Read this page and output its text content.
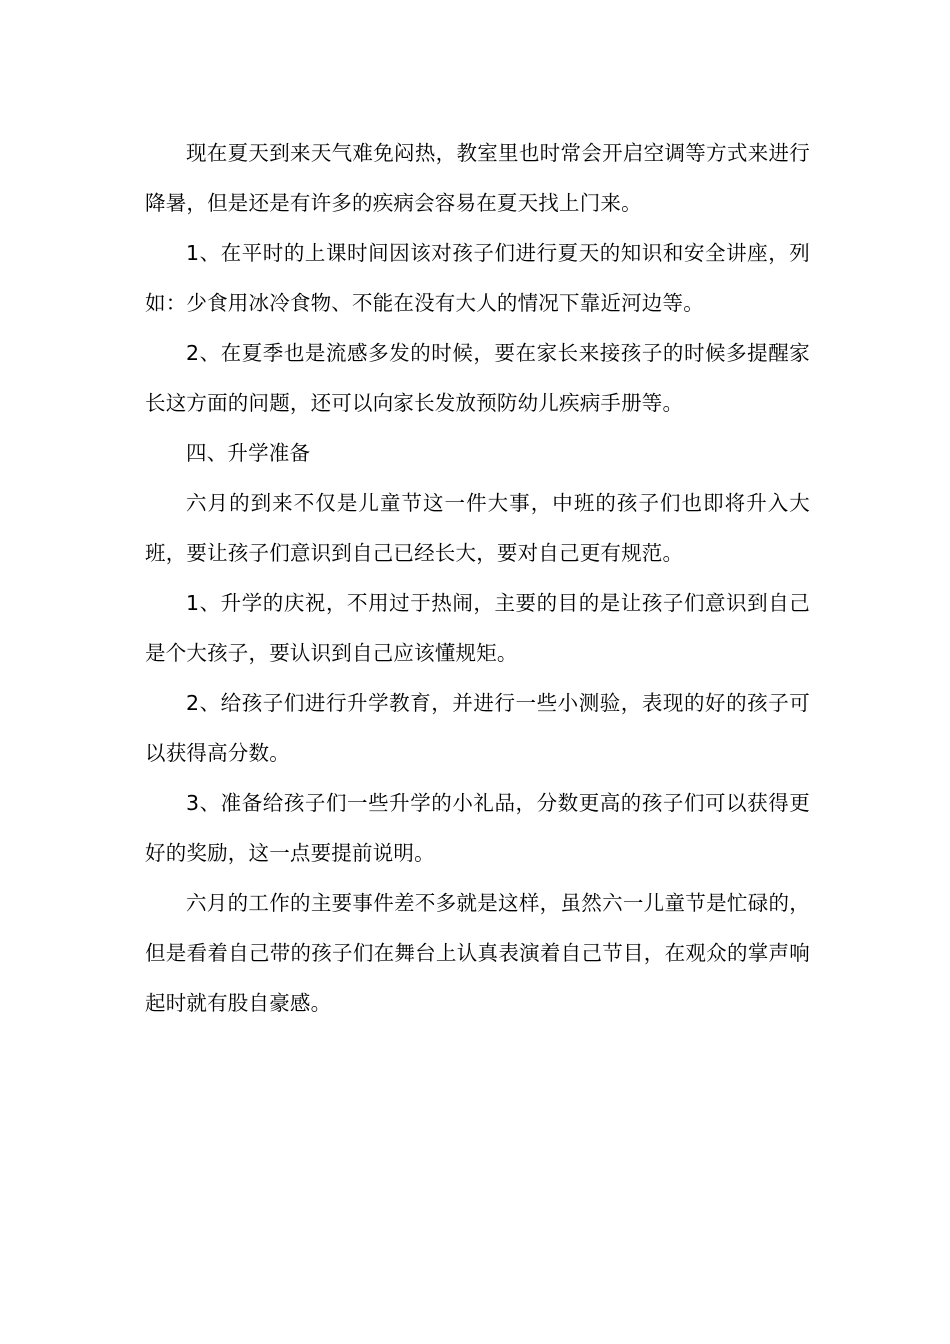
现在夏天到来天气难免闷热，教室里也时常会开启空调等方式来进行降暑，但是还是有许多的疾病会容易在夏天找上门来。

1、在平时的上课时间因该对孩子们进行夏天的知识和安全讲座，列如：少食用冰冷食物、不能在没有大人的情况下靠近河边等。

2、在夏季也是流感多发的时候，要在家长来接孩子的时候多提醒家长这方面的问题，还可以向家长发放预防幼儿疾病手册等。

四、升学准备

六月的到来不仅是儿童节这一件大事，中班的孩子们也即将升入大班，要让孩子们意识到自己已经长大，要对自己更有规范。

1、升学的庆祝，不用过于热闹，主要的目的是让孩子们意识到自己是个大孩子，要认识到自己应该懂规矩。

2、给孩子们进行升学教育，并进行一些小测验，表现的好的孩子可以获得高分数。

3、准备给孩子们一些升学的小礼品，分数更高的孩子们可以获得更好的奖励，这一点要提前说明。

六月的工作的主要事件差不多就是这样，虽然六一儿童节是忙碌的，但是看着自己带的孩子们在舞台上认真表演着自己节目，在观众的掌声响起时就有股自豪感。
